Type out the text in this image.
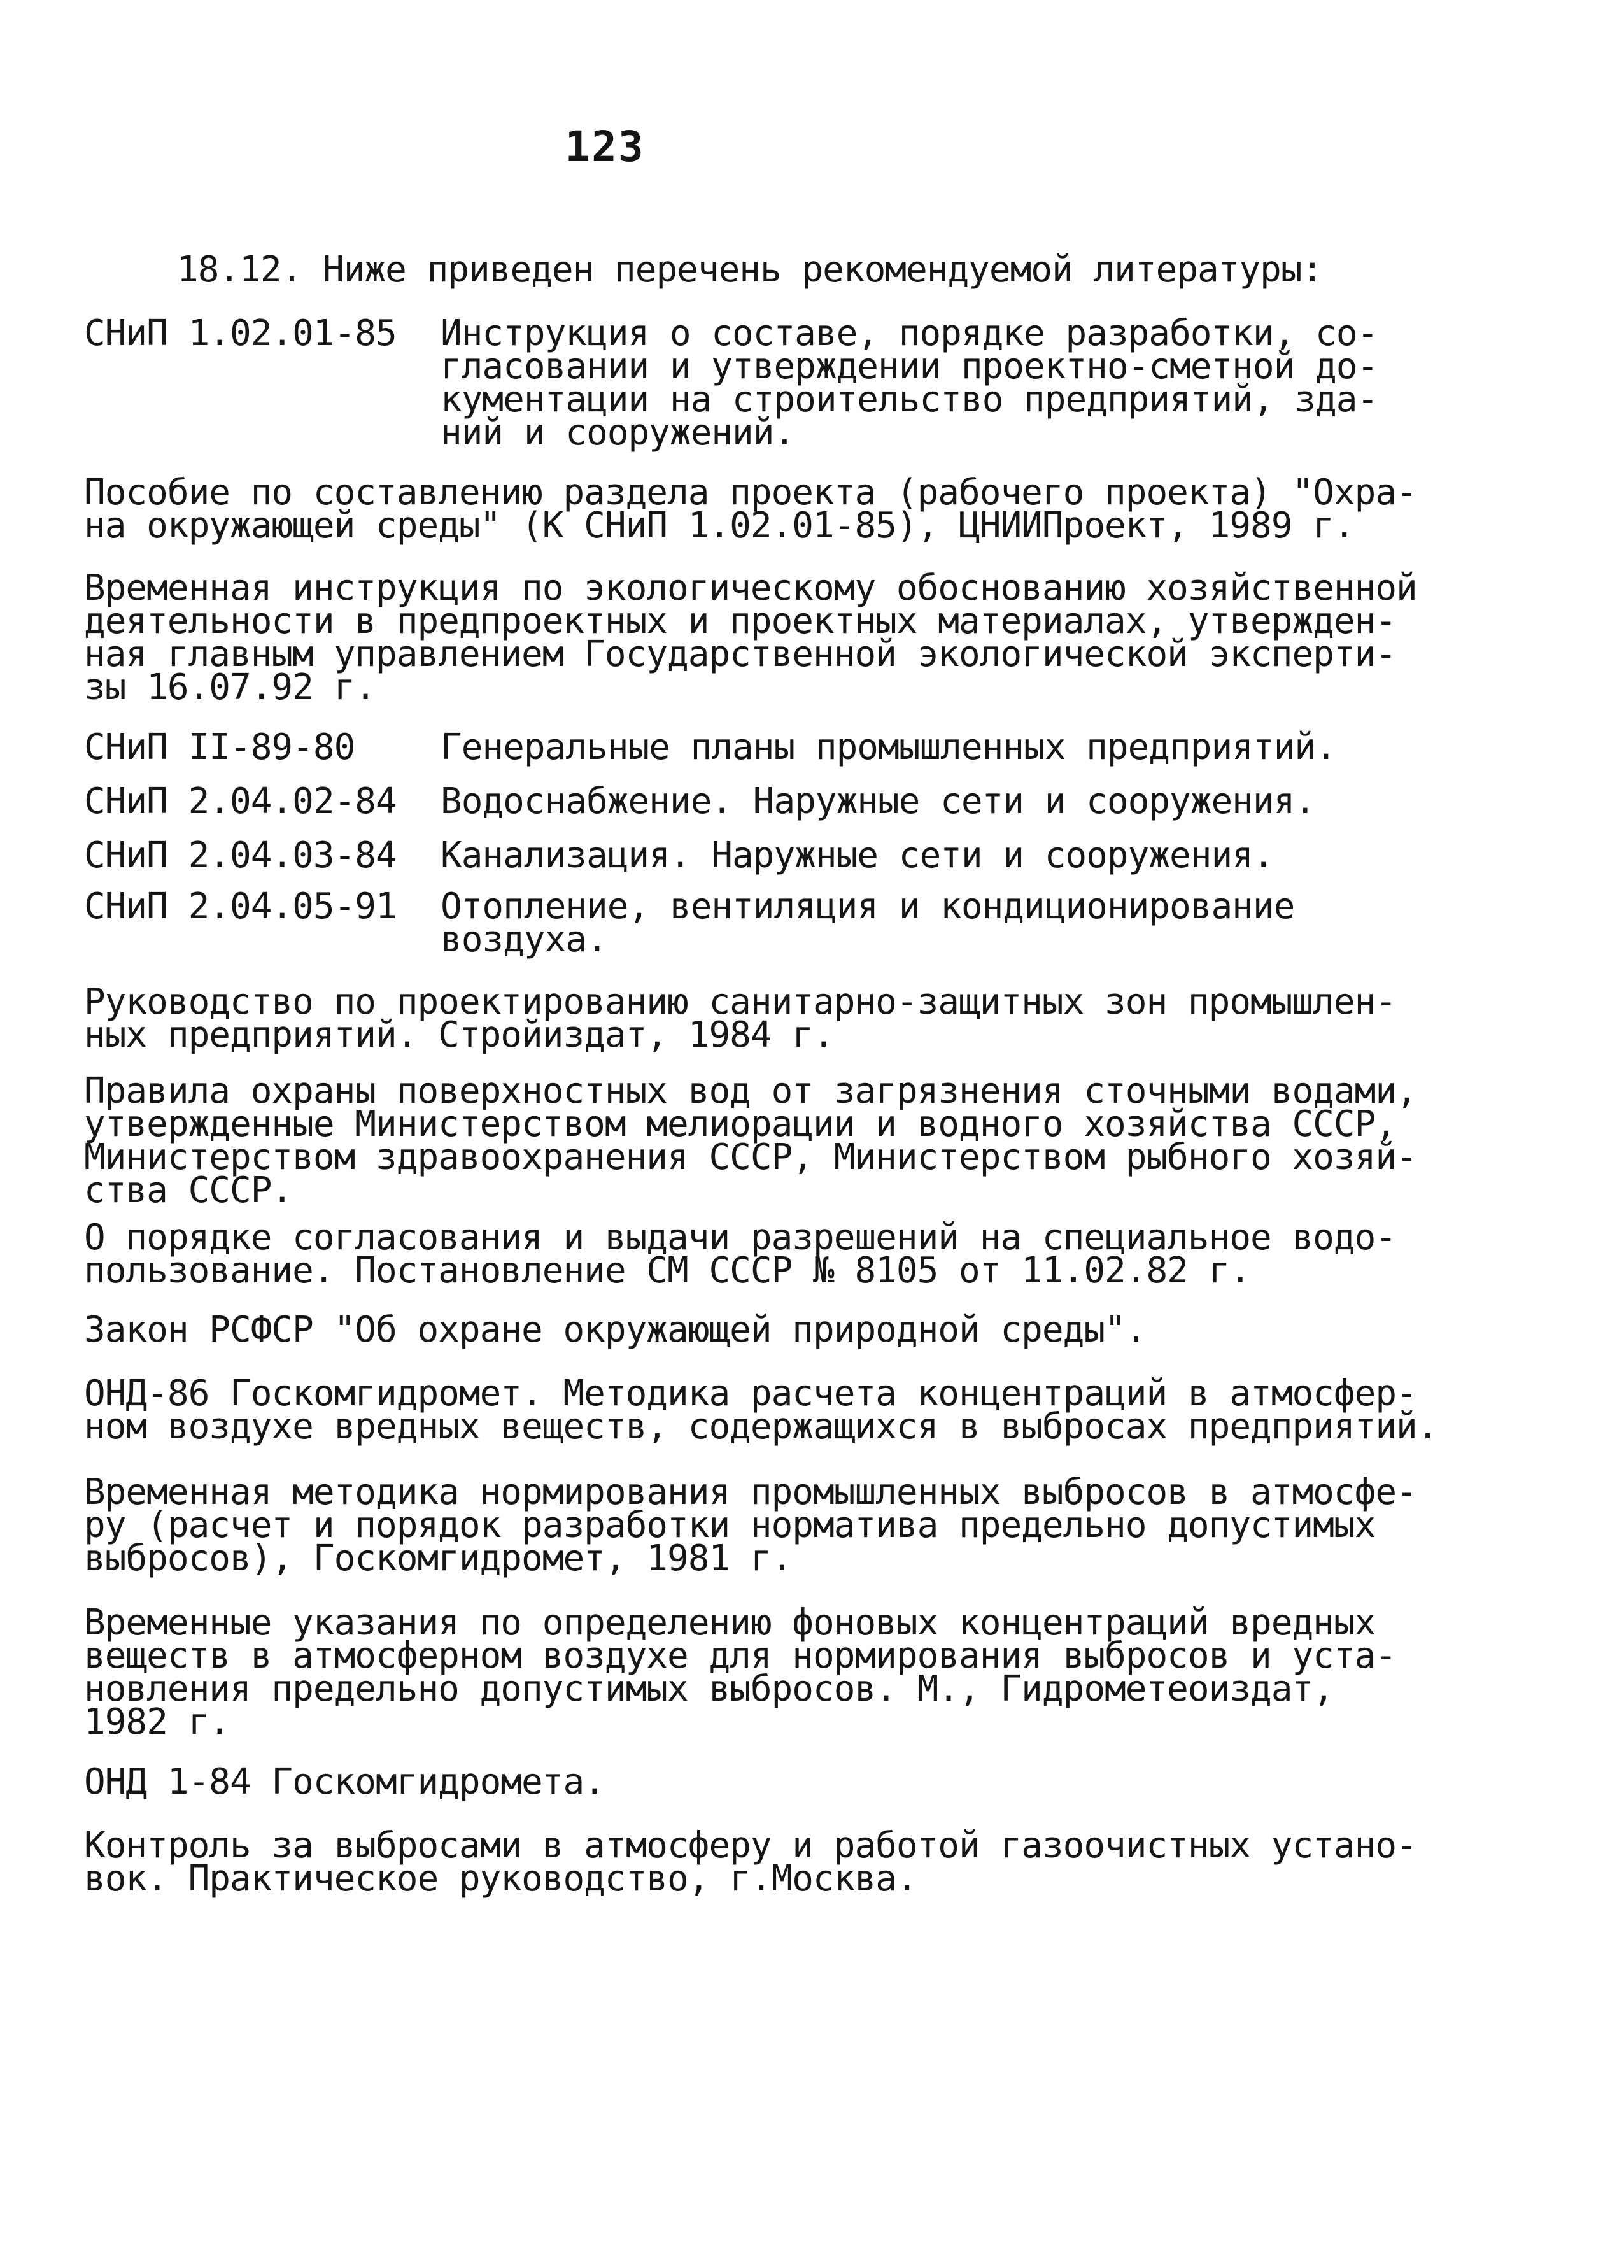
123
18.12. Ниже приведен перечень рекомендуемой литературы:
СНиП 1.02.01-85 Инструкция о составе, порядке разработки, со-
гласовании и утверждении проектно-сметной до-
кументации на строительство предприятий, зда-
ний и сооружений.
Пособие по составлению раздела проекта (рабочего проекта) "Охра-
на окружающей среды" (К СНиП 1.02.01-85), ЦНИИПроект, 1989 г.
Временная инструкция по экологическому обоснованию хозяйственной
деятельности в предпроектных и проектных материалах, утвержден-
ная главным управлением Государственной экологической эксперти-
зы 16.07.92 г.
СНиП II-89-80 Генеральные планы промышленных предприятий.
СНиП 2.04.02-84 Водоснабжение. Наружные сети и сооружения.
СНиП 2.04.03-84 Канализация. Наружные сети и сооружения.
СНиП 2.04.05-91 Отопление, вентиляция и кондиционирование
воздуха.
Руководство по проектированию санитарно-защитных зон промышлен-
ных предприятий. Стройиздат, 1984 г.
Правила охраны поверхностных вод от загрязнения сточными водами,
утвержденные Министерством мелиорации и водного хозяйства СССР,
Министерством здравоохранения СССР, Министерством рыбного хозяй-
ства СССР.
О порядке согласования и выдачи разрешений на специальное водо-
пользование. Постановление СМ СССР № 8105 от 11.02.82 г.
Закон РСФСР "Об охране окружающей природной среды".
ОНД-86 Госкомгидромет. Методика расчета концентраций в атмосфер-
ном воздухе вредных веществ, содержащихся в выбросах предприятий.
Временная методика нормирования промышленных выбросов в атмосфе-
ру (расчет и порядок разработки норматива предельно допустимых
выбросов), Госкомгидромет, 1981 г.
Временные указания по определению фоновых концентраций вредных
веществ в атмосферном воздухе для нормирования выбросов и уста-
новления предельно допустимых выбросов. М., Гидрометеоиздат,
1982 г.
ОНД 1-84 Госкомгидромета.
Контроль за выбросами в атмосферу и работой газоочистных устано-
вок. Практическое руководство, г.Москва.
